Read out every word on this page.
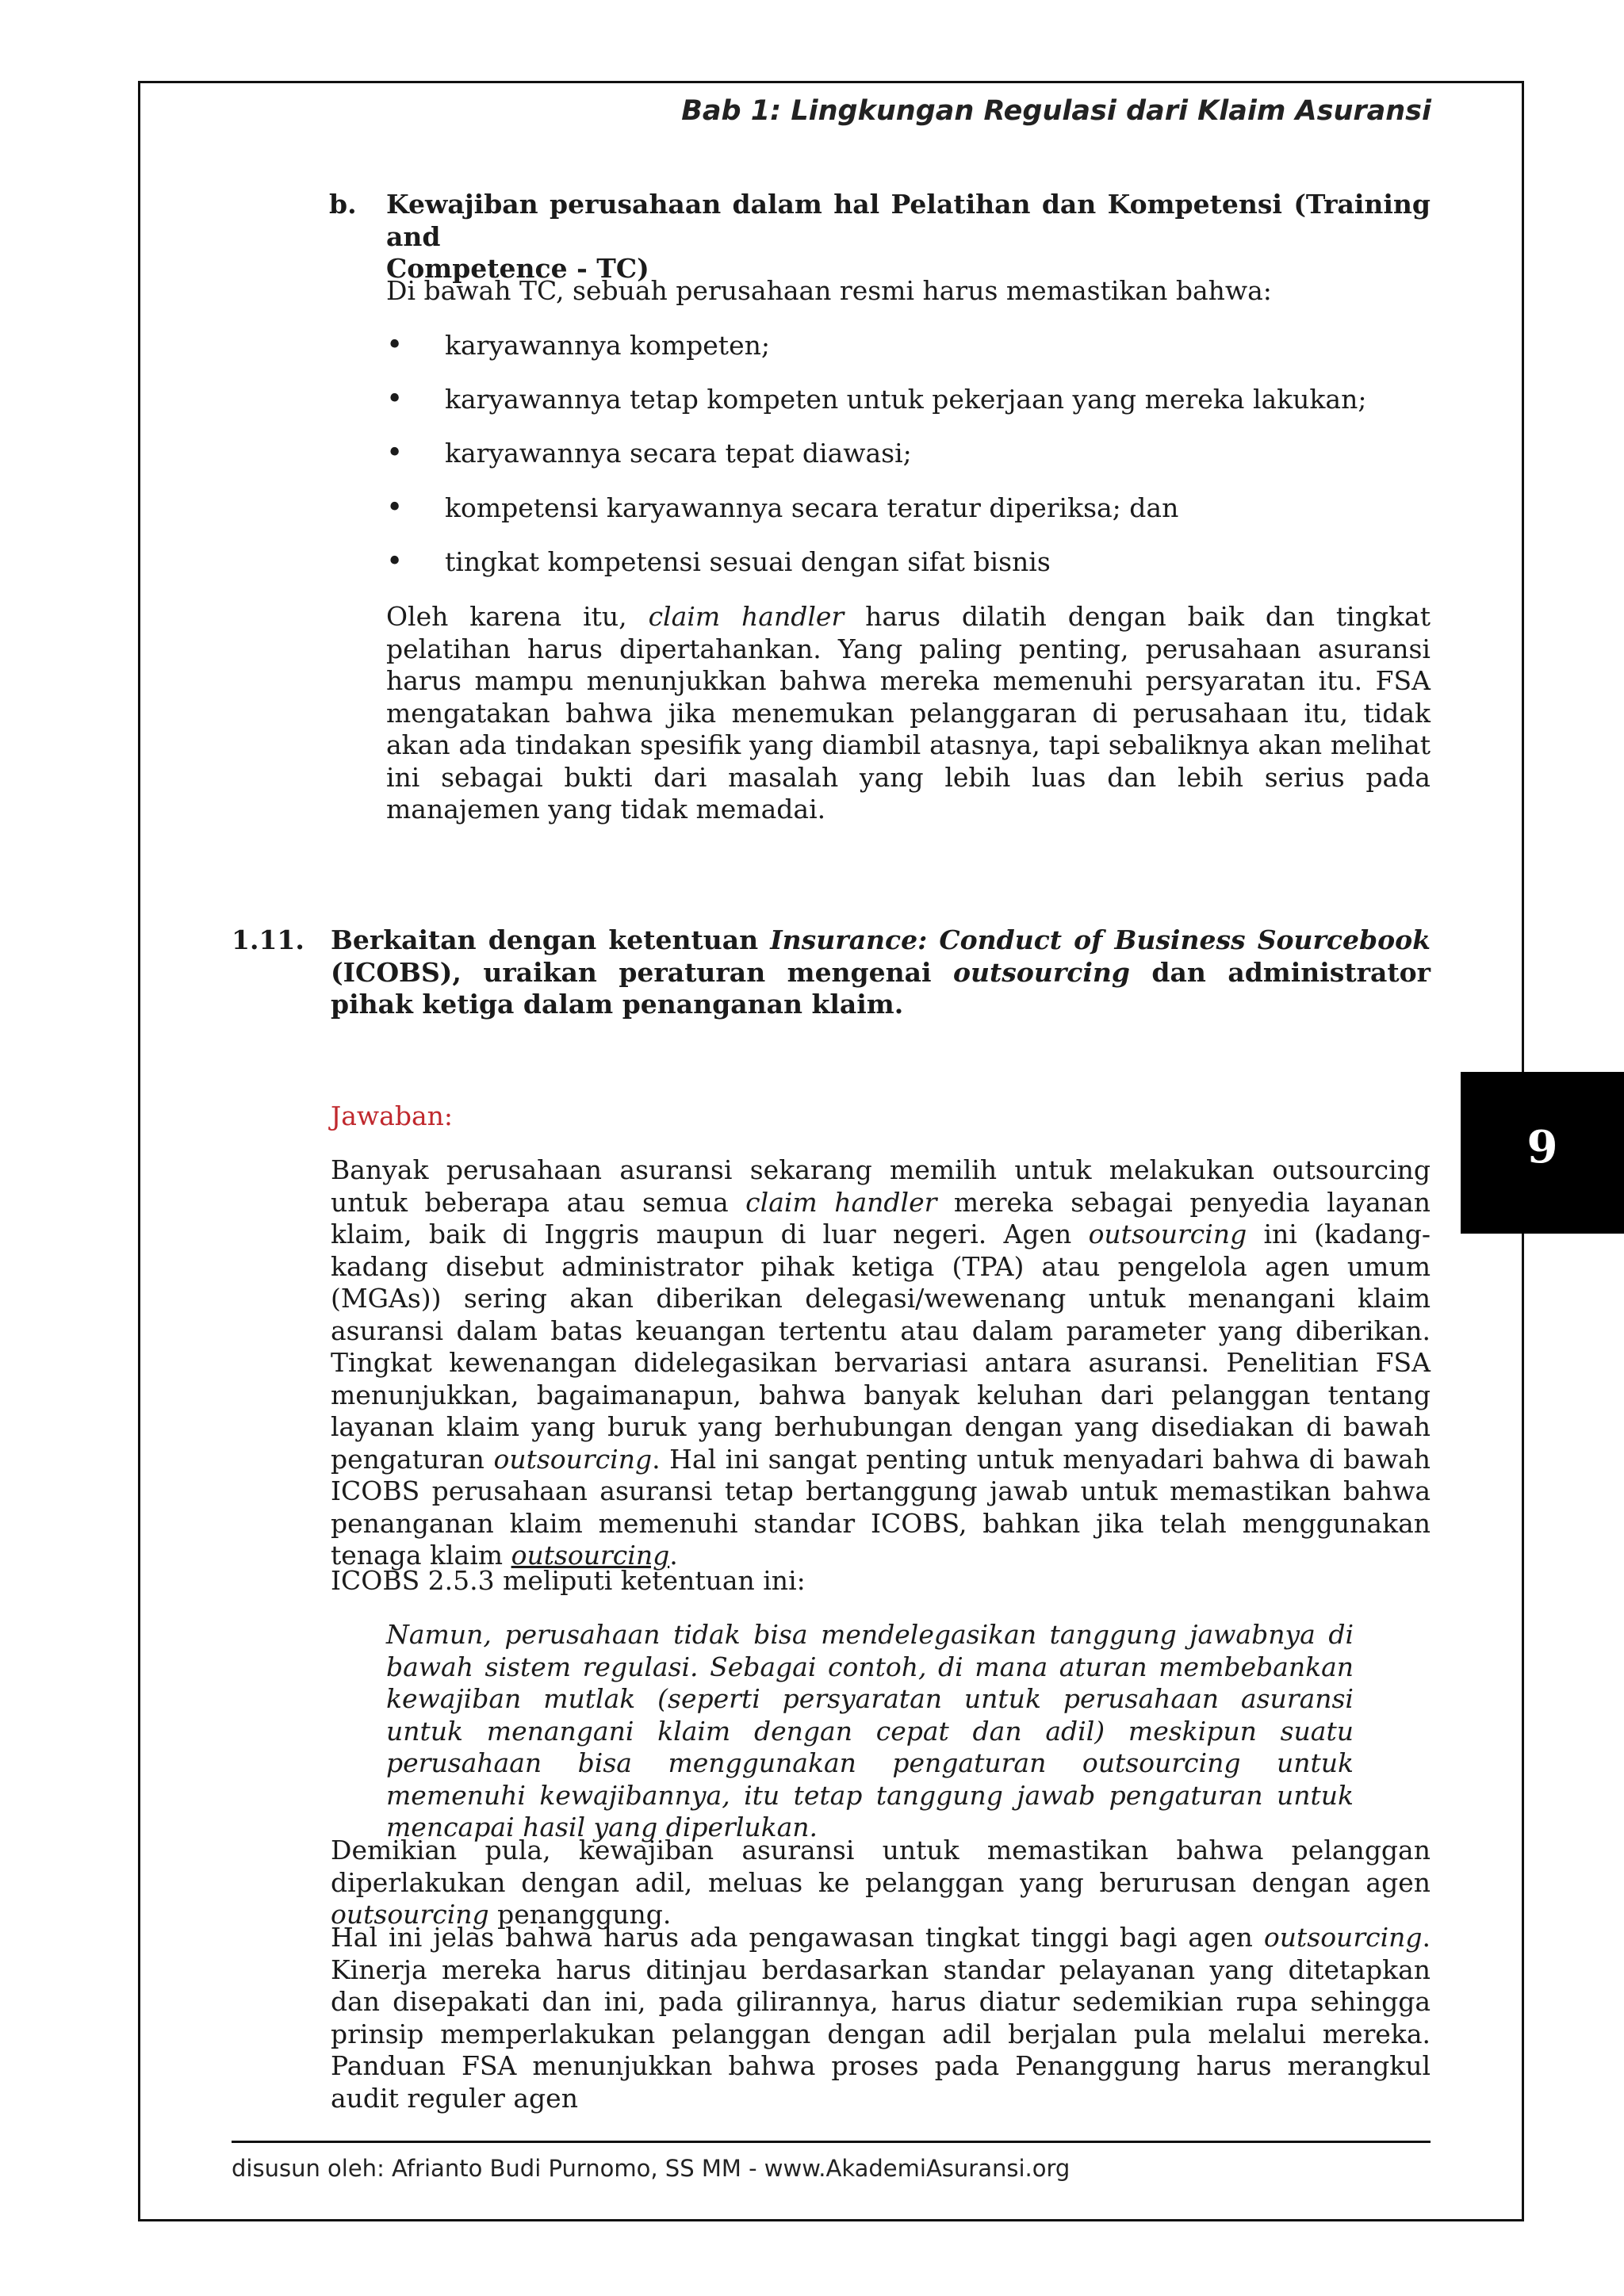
Bab 1: Lingkungan Regulasi dari Klaim Asuransi
9
b. Kewajiban perusahaan dalam hal Pelatihan dan Kompetensi (Training and
Competence - TC)
Di bawah TC, sebuah perusahaan resmi harus memastikan bahwa:
• karyawannya kompeten;
• karyawannya tetap kompeten untuk pekerjaan yang mereka lakukan;
• karyawannya secara tepat diawasi;
• kompetensi karyawannya secara teratur diperiksa; dan
• tingkat kompetensi sesuai dengan sifat bisnis
Oleh karena itu, claim handler harus dilatih dengan baik dan tingkat pelatihan harus dipertahankan. Yang paling penting, perusahaan asuransi harus mampu menunjukkan bahwa mereka memenuhi persyaratan itu. FSA mengatakan bahwa jika menemukan pelanggaran di perusahaan itu, tidak akan ada tindakan spesifik yang diambil atasnya, tapi sebaliknya akan melihat ini sebagai bukti dari masalah yang lebih luas dan lebih serius pada manajemen yang tidak memadai.
1.11. Berkaitan dengan ketentuan Insurance: Conduct of Business Sourcebook (ICOBS), uraikan peraturan mengenai outsourcing dan administrator pihak ketiga dalam penanganan klaim.
Jawaban:
Banyak perusahaan asuransi sekarang memilih untuk melakukan outsourcing untuk beberapa atau semua claim handler mereka sebagai penyedia layanan klaim, baik di Inggris maupun di luar negeri. Agen outsourcing ini (kadang-kadang disebut administrator pihak ketiga (TPA) atau pengelola agen umum (MGAs)) sering akan diberikan delegasi/wewenang untuk menangani klaim asuransi dalam batas keuangan tertentu atau dalam parameter yang diberikan. Tingkat kewenangan didelegasikan bervariasi antara asuransi. Penelitian FSA menunjukkan, bagaimanapun, bahwa banyak keluhan dari pelanggan tentang layanan klaim yang buruk yang berhubungan dengan yang disediakan di bawah pengaturan outsourcing. Hal ini sangat penting untuk menyadari bahwa di bawah ICOBS perusahaan asuransi tetap bertanggung jawab untuk memastikan bahwa penanganan klaim memenuhi standar ICOBS, bahkan jika telah menggunakan tenaga klaim outsourcing.
ICOBS 2.5.3 meliputi ketentuan ini:
Namun, perusahaan tidak bisa mendelegasikan tanggung jawabnya di bawah sistem regulasi. Sebagai contoh, di mana aturan membebankan kewajiban mutlak (seperti persyaratan untuk perusahaan asuransi untuk menangani klaim dengan cepat dan adil) meskipun suatu perusahaan bisa menggunakan pengaturan outsourcing untuk memenuhi kewajibannya, itu tetap tanggung jawab pengaturan untuk mencapai hasil yang diperlukan.
Demikian pula, kewajiban asuransi untuk memastikan bahwa pelanggan diperlakukan dengan adil, meluas ke pelanggan yang berurusan dengan agen outsourcing penanggung.
Hal ini jelas bahwa harus ada pengawasan tingkat tinggi bagi agen outsourcing. Kinerja mereka harus ditinjau berdasarkan standar pelayanan yang ditetapkan dan disepakati dan ini, pada gilirannya, harus diatur sedemikian rupa sehingga prinsip memperlakukan pelanggan dengan adil berjalan pula melalui mereka. Panduan FSA menunjukkan bahwa proses pada Penanggung harus merangkul audit reguler agen
disusun oleh: Afrianto Budi Purnomo, SS MM - www.AkademiAsuransi.org
